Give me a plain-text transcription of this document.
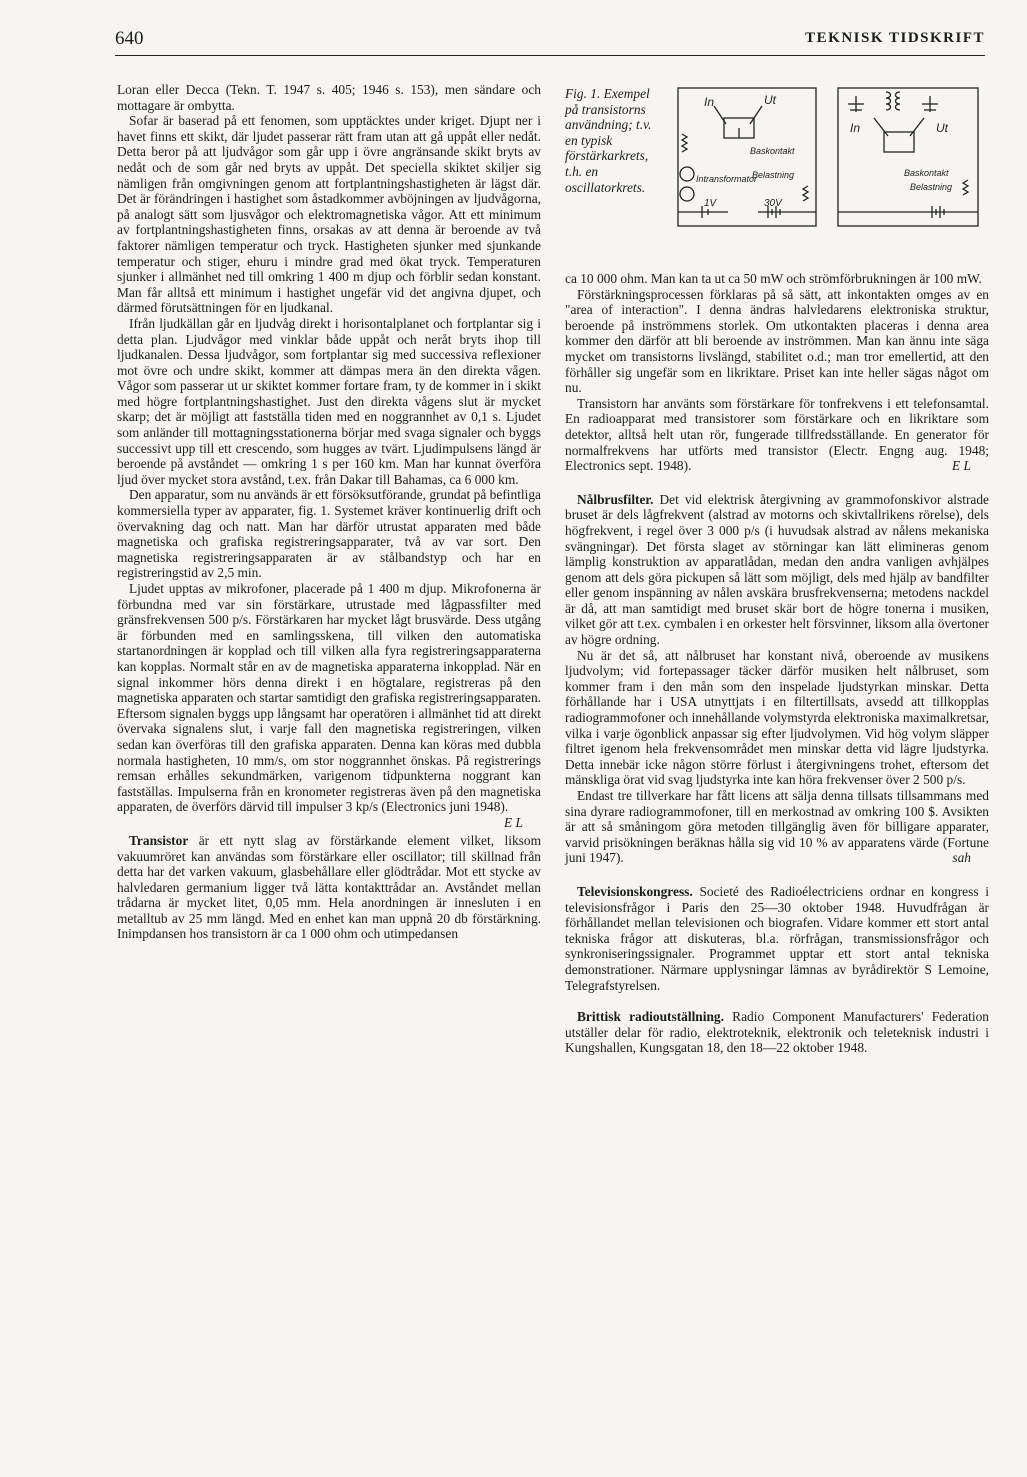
640	TEKNISK TIDSKRIFT
Fig. 1. Exempel på transistorns användning; t.v. en typisk förstärkarkrets, t.h. en oscillatorkrets.
In	Ut
Baskontakt
Belastning
Intransformator
1V	30V
In	Ut
Baskontakt
Belastning

Loran eller Decca (Tekn. T. 1947 s. 405; 1946 s. 153), men sändare och mottagare är ombytta.

Sofar är baserad på ett fenomen, som upptäcktes under kriget. Djupt ner i havet finns ett skikt, där ljudet passerar rätt fram utan att gå uppåt eller nedåt. Detta beror på att ljudvågor som går upp i övre angränsande skikt bryts av nedåt och de som går ned bryts av uppåt. Det speciella skiktet skiljer sig nämligen från omgivningen genom att fortplantningshastigheten är lägst där. Det är förändringen i hastighet som åstadkommer avböjningen av ljudvågorna, på analogt sätt som ljusvågor och elektromagnetiska vågor. Att ett minimum av fortplantningshastigheten finns, orsakas av att denna är beroende av två faktorer nämligen temperatur och tryck. Hastigheten sjunker med sjunkande temperatur och stiger, ehuru i mindre grad med ökat tryck. Temperaturen sjunker i allmänhet ned till omkring 1 400 m djup och förblir sedan konstant. Man får alltså ett minimum i hastighet ungefär vid det angivna djupet, och därmed förutsättningen för en ljudkanal.

Ifrån ljudkällan går en ljudvåg direkt i horisontalplanet och fortplantar sig i detta plan. Ljudvågor med vinklar både uppåt och neråt bryts ihop till ljudkanalen. Dessa ljudvågor, som fortplantar sig med successiva reflexioner mot övre och undre skikt, kommer att dämpas mera än den direkta vågen. Vågor som passerar ut ur skiktet kommer fortare fram, ty de kommer in i skikt med högre fortplantningshastighet. Just den direkta vågens slut är mycket skarp; det är möjligt att fastställa tiden med en noggrannhet av 0,1 s. Ljudet som anländer till mottagningsstationerna börjar med svaga signaler och byggs successivt upp till ett crescendo, som hugges av tvärt. Ljudimpulsens längd är beroende på avståndet — omkring 1 s per 160 km. Man har kunnat överföra ljud över mycket stora avstånd, t.ex. från Dakar till Bahamas, ca 6 000 km.

Den apparatur, som nu används är ett försöksutförande, grundat på befintliga kommersiella typer av apparater, fig. 1. Systemet kräver kontinuerlig drift och övervakning dag och natt. Man har därför utrustat apparaten med både magnetiska och grafiska registreringsapparater, två av var sort. Den magnetiska registreringsapparaten är av stålbandstyp och har en registreringstid av 2,5 min.

Ljudet upptas av mikrofoner, placerade på 1 400 m djup. Mikrofonerna är förbundna med var sin förstärkare, utrustade med lågpassfilter med gränsfrekvensen 500 p/s. Förstärkaren har mycket lågt brusvärde. Dess utgång är förbunden med en samlingsskena, till vilken den automatiska startanordningen är kopplad och till vilken alla fyra registreringsapparaterna kan kopplas. Normalt står en av de magnetiska apparaterna inkopplad. När en signal inkommer hörs denna direkt i en högtalare, registreras på den magnetiska apparaten och startar samtidigt den grafiska registreringsapparaten. Eftersom signalen byggs upp långsamt har operatören i allmänhet tid att direkt övervaka signalens slut, i varje fall den magnetiska registreringen, vilken sedan kan överföras till den grafiska apparaten. Denna kan köras med dubbla normala hastigheten, 10 mm/s, om stor noggrannhet önskas. På registrerings remsan erhålles sekundmärken, varigenom tidpunkterna noggrant kan fastställas. Impulserna från en kronometer registreras även på den magnetiska apparaten, de överförs därvid till impulser 3 kp/s (Electronics juni 1948).
E L

Transistor är ett nytt slag av förstärkande element vilket, liksom vakuumröret kan användas som förstärkare eller oscillator; till skillnad från detta har det varken vakuum, glasbehållare eller glödtrådar. Mot ett stycke av halvledaren germanium ligger två lätta kontakttrådar an. Avståndet mellan trådarna är mycket litet, 0,05 mm. Hela anordningen är innesluten i en metalltub av 25 mm längd. Med en enhet kan man uppnå 20 db förstärkning. Inimpdansen hos transistorn är ca 1 000 ohm och utimpedansen

ca 10 000 ohm. Man kan ta ut ca 50 mW och strömförbrukningen är 100 mW.

Förstärkningsprocessen förklaras på så sätt, att inkontakten omges av en "area of interaction". I denna ändras halvledarens elektroniska struktur, beroende på inströmmens storlek. Om utkontakten placeras i denna area kommer den därför att bli beroende av inströmmen. Man kan ännu inte säga mycket om transistorns livslängd, stabilitet o.d.; man tror emellertid, att den förhåller sig ungefär som en likriktare. Priset kan inte heller sägas något om nu.

Transistorn har använts som förstärkare för tonfrekvens i ett telefonsamtal. En radioapparat med transistorer som förstärkare och en likriktare som detektor, alltså helt utan rör, fungerade tillfredsställande. En generator för normalfrekvens har utförts med transistor (Electr. Engng aug. 1948; Electronics sept. 1948).	E L

Nålbrusfilter. Det vid elektrisk återgivning av grammofonskivor alstrade bruset är dels lågfrekvent (alstrad av motorns och skivtallrikens rörelse), dels högfrekvent, i regel över 3 000 p/s (i huvudsak alstrad av nålens mekaniska svängningar). Det första slaget av störningar kan lätt elimineras genom lämplig konstruktion av apparatlådan, medan den andra vanligen avhjälpes genom att dels göra pickupen så lätt som möjligt, dels med hjälp av bandfilter eller genom inspänning av nålen avskära brusfrekvenserna; metodens nackdel är då, att man samtidigt med bruset skär bort de högre tonerna i musiken, vilket gör att t.ex. cymbalen i en orkester helt försvinner, liksom alla övertoner av högre ordning.

Nu är det så, att nålbruset har konstant nivå, oberoende av musikens ljudvolym; vid fortepassager täcker därför musiken helt nålbruset, som kommer fram i den mån som den inspelade ljudstyrkan minskar. Detta förhållande har i USA utnyttjats i en filtertillsats, avsedd att tillkopplas radiogrammofoner och innehållande volymstyrda elektroniska maximalkretsar, vilka i varje ögonblick anpassar sig efter ljudvolymen. Vid hög volym släpper filtret igenom hela frekvensområdet men minskar detta vid lägre ljudstyrka. Detta innebär icke någon större förlust i återgivningens trohet, eftersom det mänskliga örat vid svag ljudstyrka inte kan höra frekvenser över 2 500 p/s.

Endast tre tillverkare har fått licens att sälja denna tillsats tillsammans med sina dyrare radiogrammofoner, till en merkostnad av omkring 100 $. Avsikten är att så småningom göra metoden tillgänglig även för billigare apparater, varvid prisökningen beräknas hålla sig vid 10 % av apparatens värde (Fortune juni 1947).	sah

Televisionskongress. Societé des Radioélectriciens ordnar en kongress i televisionsfrågor i Paris den 25—30 oktober 1948. Huvudfrågan är förhållandet mellan televisionen och biografen. Vidare kommer ett stort antal tekniska frågor att diskuteras, bl.a. rörfrågan, transmissionsfrågor och synkroniseringssignaler. Programmet upptar ett stort antal tekniska demonstrationer. Närmare upplysningar lämnas av byrådirektör S Lemoine, Telegrafstyrelsen.

Brittisk radioutställning. Radio Component Manufacturers' Federation utställer delar för radio, elektroteknik, elektronik och teleteknisk industri i Kungshallen, Kungsgatan 18, den 18—22 oktober 1948.
